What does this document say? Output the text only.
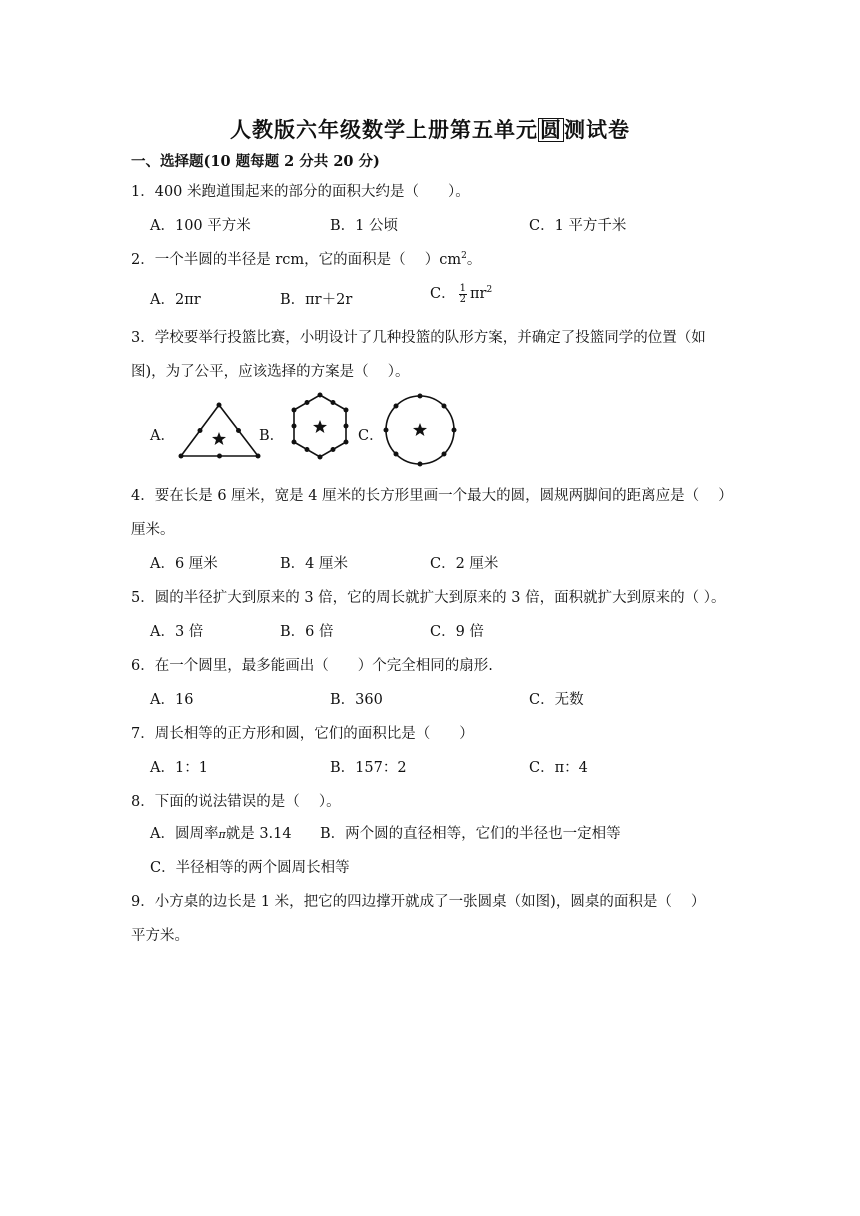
人教版六年级数学上册第五单元圆测试卷
一、选择题(10 题每题 2 分共 20 分)
1．400 米跑道围起来的部分的面积大约是（　　）。
A．100 平方米	B．1 公顷	C．1 平方千米
2．一个半圆的半径是 rcm，它的面积是（　 ）$cm^2$。
A．2πr	B．πr＋2r	C． $\frac{1}{2} \pi r^2$
3．学校要举行投篮比赛，小明设计了几种投篮的队形方案，并确定了投篮同学的位置（如
图)，为了公平，应该选择的方案是（　 ）。
A．	B．	C．
4．要在长是 6 厘米，宽是 4 厘米的长方形里画一个最大的圆，圆规两脚间的距离应是（　 ）
厘米。
A．6 厘米	B．4 厘米	C．2 厘米
5．圆的半径扩大到原来的 3 倍，它的周长就扩大到原来的 3 倍，面积就扩大到原来的（ ）。
A．3 倍	B．6 倍	C．9 倍
6．在一个圆里，最多能画出（　　）个完全相同的扇形.
A．16	B．360	C．无数
7．周长相等的正方形和圆，它们的面积比是（　　）
A．1：1	B．157：2	C．π：4
8．下面的说法错误的是（　 ）。
A．圆周率π就是 3.14 B．两个圆的直径相等，它们的半径也一定相等
C．半径相等的两个圆周长相等
9．小方桌的边长是 1 米，把它的四边撑开就成了一张圆桌（如图)，圆桌的面积是（　 ）
平方米。
